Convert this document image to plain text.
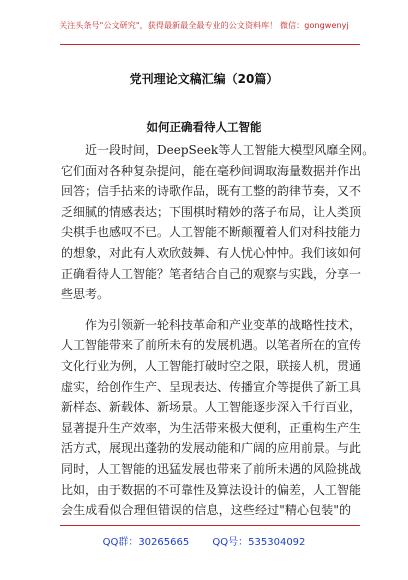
关注头条号"公文研究"，获得最新最全最专业的公文资料库！ 微信：gongwenyj
党刊理论文稿汇编（20篇）
如何正确看待人工智能
近一段时间，DeepSeek等人工智能大模型风靡全网。
它们面对各种复杂提问，能在毫秒间调取海量数据并作出
回答；信手拈来的诗歌作品，既有工整的韵律节奏，又不
乏细腻的情感表达；下围棋时精妙的落子布局，让人类顶
尖棋手也感叹不已。人工智能不断颠覆着人们对科技能力
的想象，对此有人欢欣鼓舞、有人忧心忡忡。我们该如何
正确看待人工智能？笔者结合自己的观察与实践，分享一
些思考。
作为引领新一轮科技革命和产业变革的战略性技术，
人工智能带来了前所未有的发展机遇。以笔者所在的宣传
文化行业为例，人工智能打破时空之限，联接人机，贯通
虚实，给创作生产、呈现表达、传播宣介等提供了新工具
新样态、新载体、新场景。人工智能逐步深入千行百业，
显著提升生产效率，为生活带来极大便利，正重构生产生
活方式，展现出蓬勃的发展动能和广阔的应用前景。与此
同时，人工智能的迅猛发展也带来了前所未遇的风险挑战
比如，由于数据的不可靠性及算法设计的偏差，人工智能
会生成看似合理但错误的信息，这些经过"精心包装"的
QQ群：30265665 QQ号：535304092
